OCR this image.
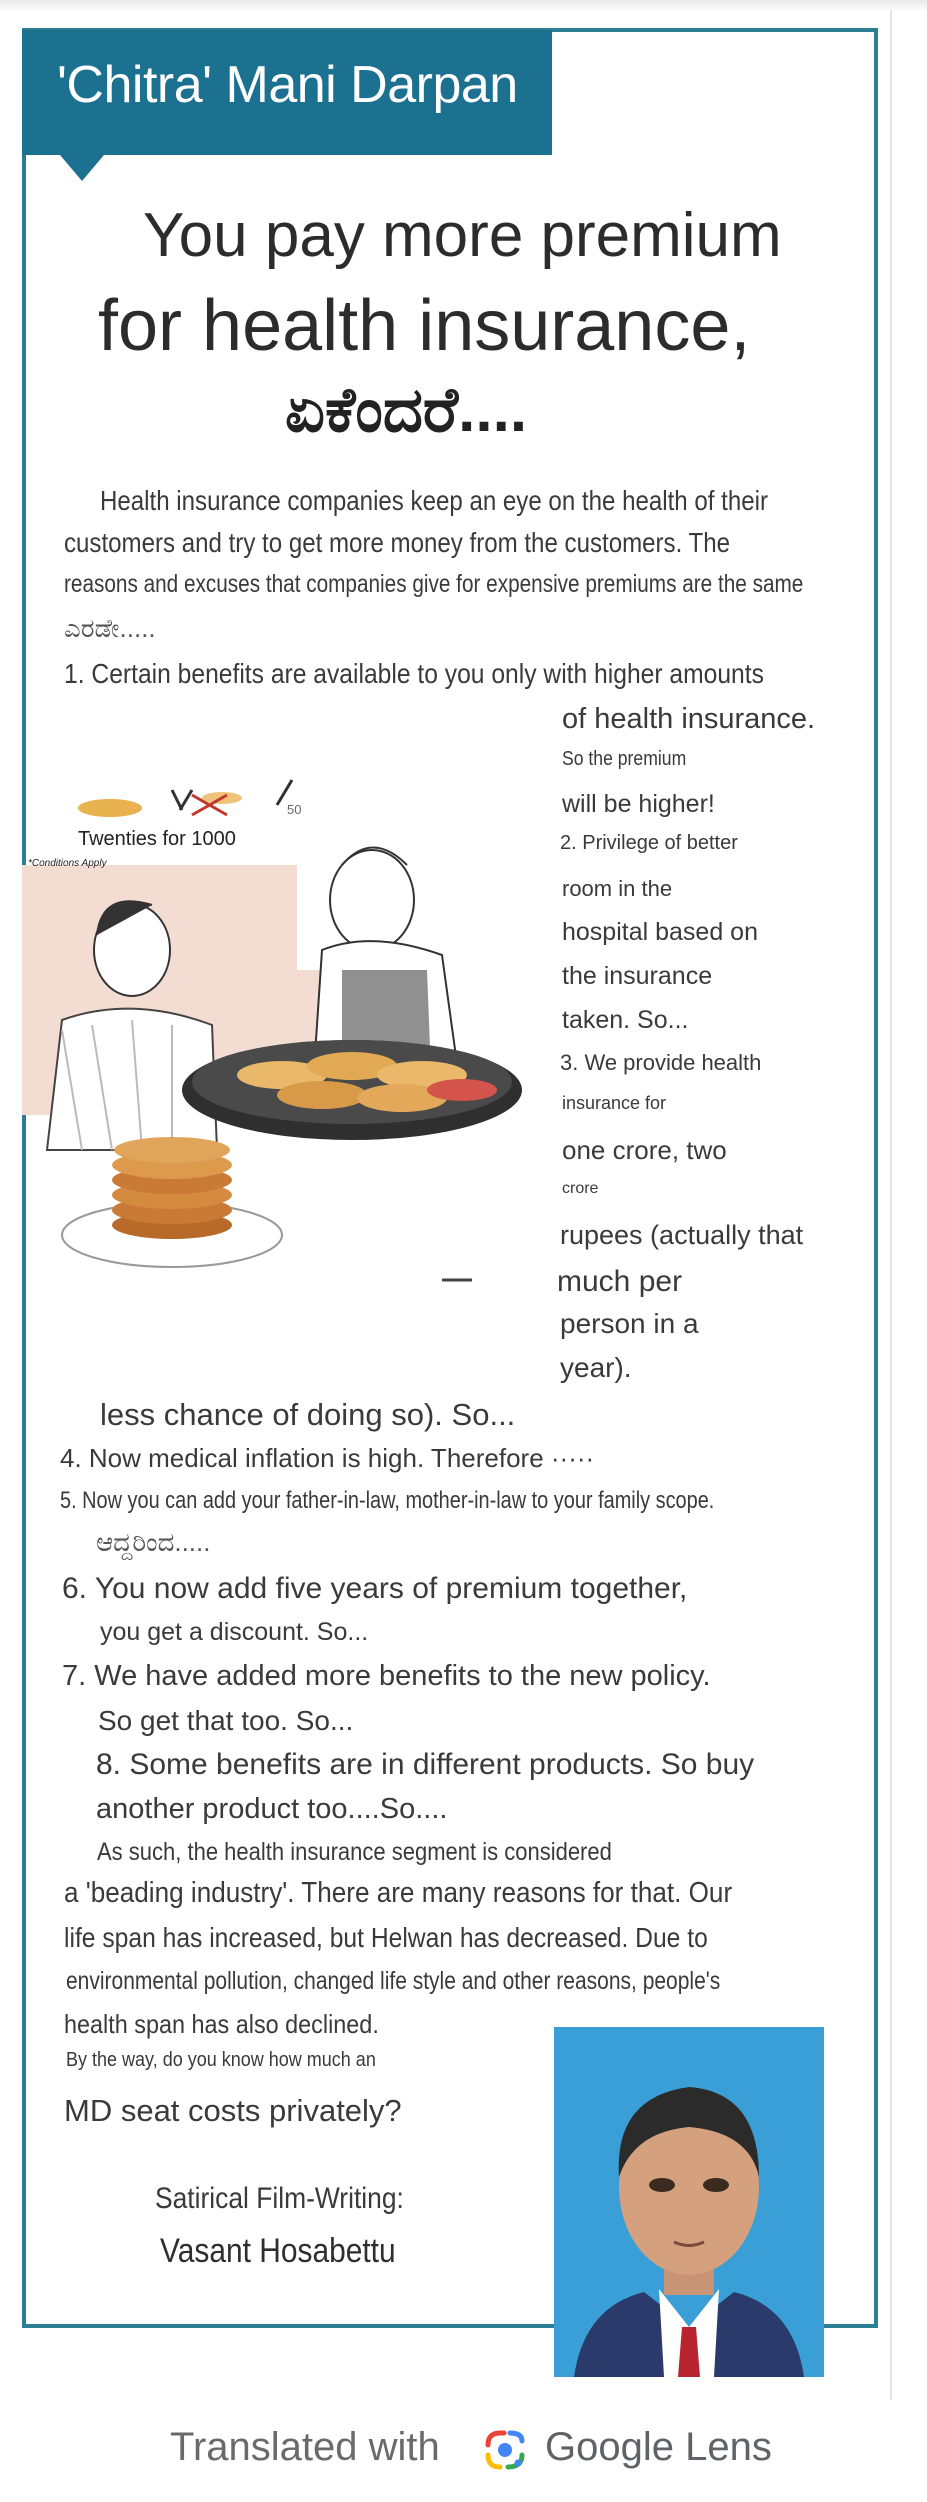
'Chitra' Mani Darpan
You pay more premium
for health insurance,
ಏಕೆಂದರೆ....
Health insurance companies keep an eye on the health of their
customers and try to get more money from the customers. The
reasons and excuses that companies give for expensive premiums are the same
ಎರಡೇ.....
1. Certain benefits are available to you only with higher amounts
of health insurance.
So the premium
will be higher!
2. Privilege of better
room in the
hospital based on
the insurance
taken. So...
3. We provide health
insurance for
one crore, two
crore
rupees (actually that
much per
person in a
year).
less chance of doing so). So...
4. Now medical inflation is high. Therefore ·····
5. Now you can add your father-in-law, mother-in-law to your family scope.
ಆದ್ದರಿಂದ.....
6. You now add five years of premium together,
you get a discount. So...
7. We have added more benefits to the new policy.
So get that too. So...
8. Some benefits are in different products. So buy
another product too....So....
As such, the health insurance segment is considered
a 'beading industry'. There are many reasons for that. Our
life span has increased, but Helwan has decreased. Due to
environmental pollution, changed life style and other reasons, people's
health span has also declined.
By the way, do you know how much an
MD seat costs privately?
Satirical Film-Writing:
Vasant Hosabettu
50
Twenties for 1000
*Conditions Apply
Translated with	Google Lens
